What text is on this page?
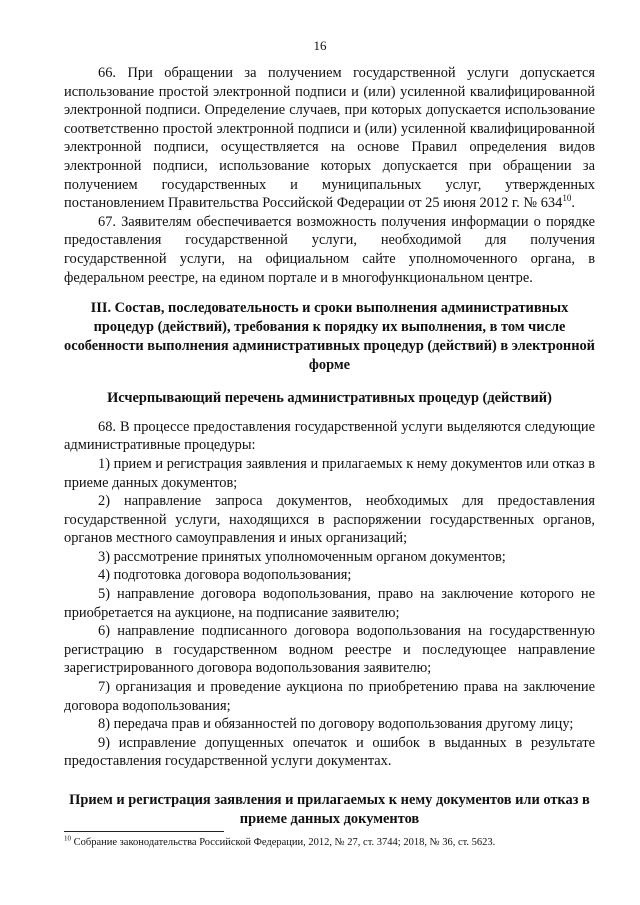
16

66. При обращении за получением государственной услуги допускается использование простой электронной подписи и (или) усиленной квалифицированной электронной подписи. Определение случаев, при которых допускается использование соответственно простой электронной подписи и (или) усиленной квалифицированной электронной подписи, осуществляется на основе Правил определения видов электронной подписи, использование которых допускается при обращении за получением государственных и муниципальных услуг, утвержденных постановлением Правительства Российской Федерации от 25 июня 2012 г. № $634^{10}$.

67. Заявителям обеспечивается возможность получения информации о порядке предоставления государственной услуги, необходимой для получения государственной услуги, на официальном сайте уполномоченного органа, в федеральном реестре, на едином портале и в многофункциональном центре.

III. Состав, последовательность и сроки выполнения административных процедур (действий), требования к порядку их выполнения, в том числе особенности выполнения административных процедур (действий) в электронной форме
Исчерпывающий перечень административных процедур (действий)

68. В процессе предоставления государственной услуги выделяются следующие административные процедуры:

1) прием и регистрация заявления и прилагаемых к нему документов или отказ в приеме данных документов;

2) направление запроса документов, необходимых для предоставления государственной услуги, находящихся в распоряжении государственных органов, органов местного самоуправления и иных организаций;

3) рассмотрение принятых уполномоченным органом документов;

4) подготовка договора водопользования;

5) направление договора водопользования, право на заключение которого не приобретается на аукционе, на подписание заявителю;

6) направление подписанного договора водопользования на государственную регистрацию в государственном водном реестре и последующее направление зарегистрированного договора водопользования заявителю;

7) организация и проведение аукциона по приобретению права на заключение договора водопользования;

8) передача прав и обязанностей по договору водопользования другому лицу;

9) исправление допущенных опечаток и ошибок в выданных в результате предоставления государственной услуги документах.

Прием и регистрация заявления и прилагаемых к нему документов или отказ в приеме данных документов
$^{10}$ Собрание законодательства Российской Федерации, 2012, № 27, ст. 3744; 2018, № 36, ст. 5623.
